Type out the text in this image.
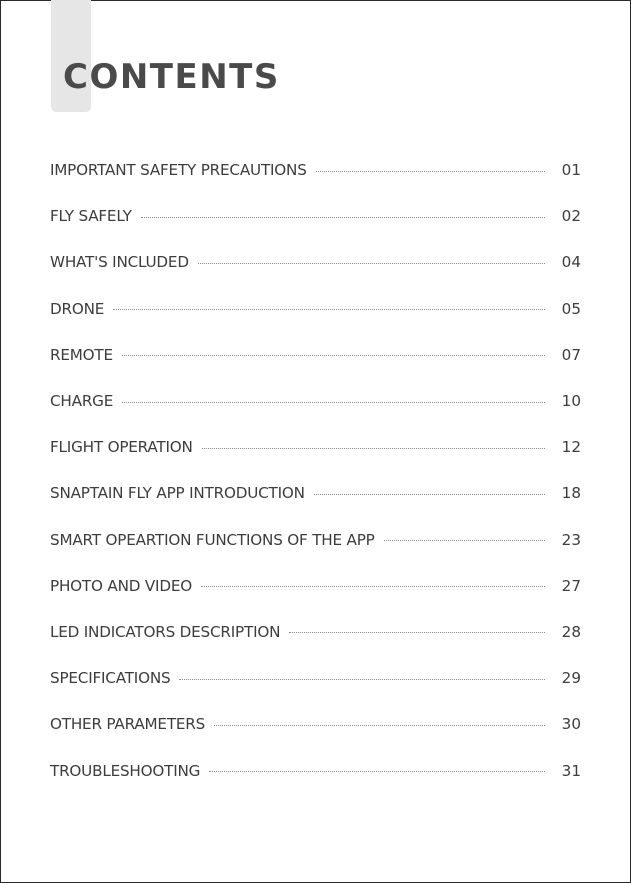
CONTENTS
IMPORTANT SAFETY PRECAUTIONS	01
FLY SAFELY	02
WHAT'S INCLUDED	04
DRONE	05
REMOTE	07
CHARGE	10
FLIGHT OPERATION	12
SNAPTAIN FLY APP INTRODUCTION	18
SMART OPEARTION FUNCTIONS OF THE APP	23
PHOTO AND VIDEO	27
LED INDICATORS DESCRIPTION	28
SPECIFICATIONS	29
OTHER PARAMETERS	30
TROUBLESHOOTING	31
